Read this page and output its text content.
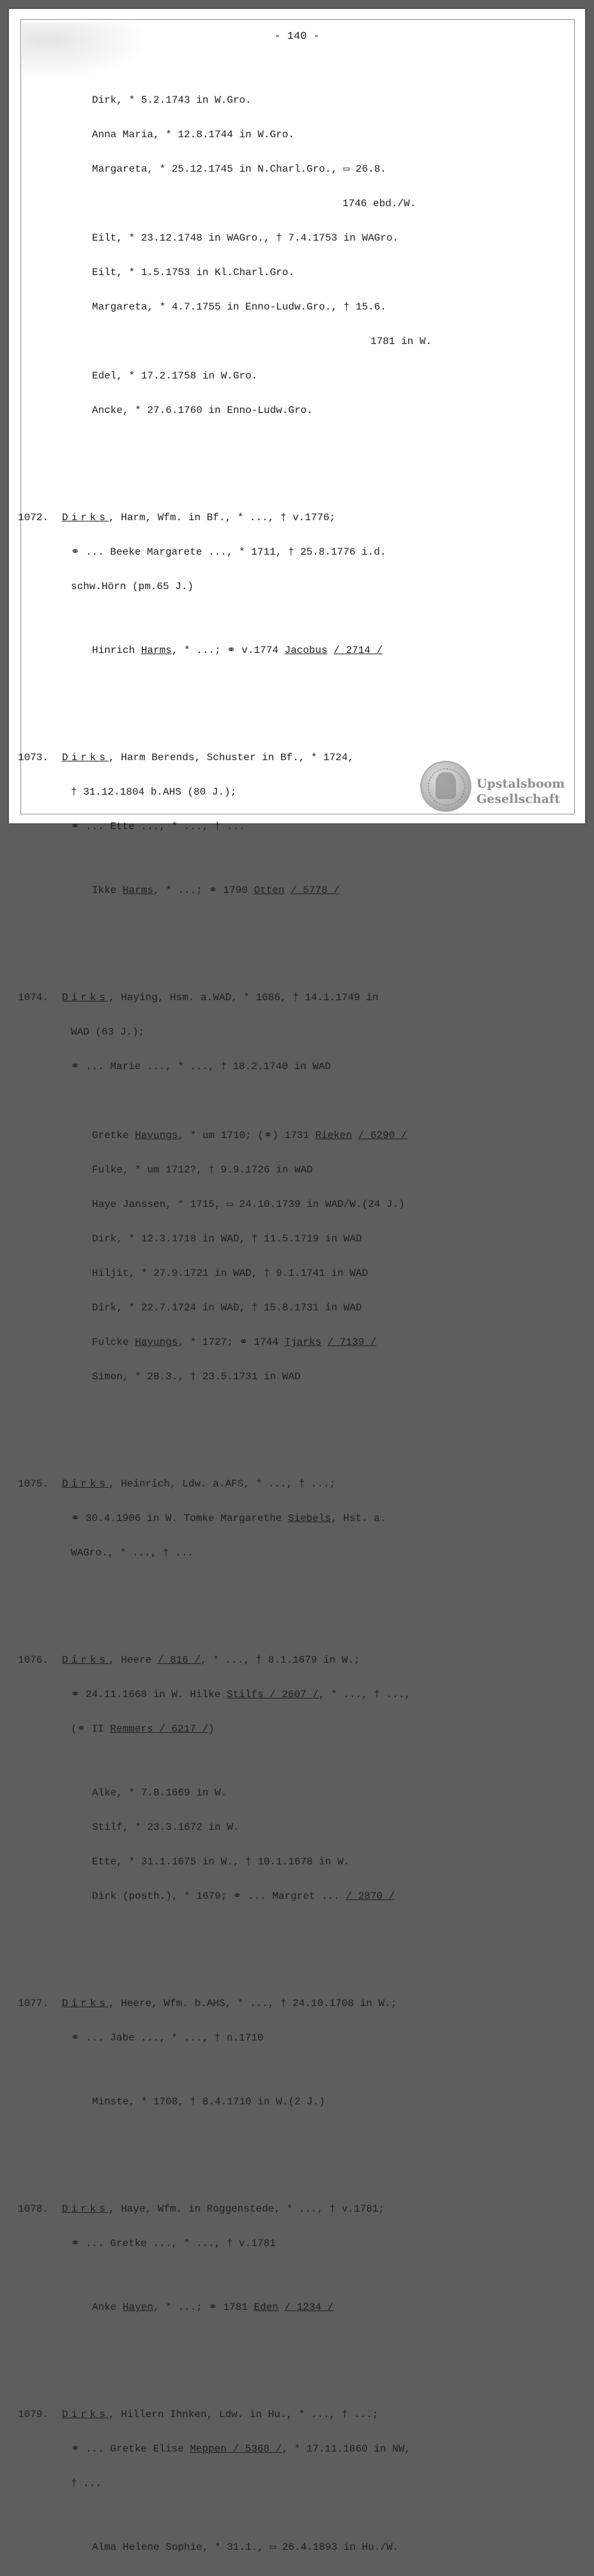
- 140 -

Dirk, * 5.2.1743 in W.Gro.

Anna Maria, * 12.8.1744 in W.Gro.

Margareta, * 25.12.1745 in N.Charl.Gro., ▭ 26.8.

1746 ebd./W.

Eilt, * 23.12.1748 in WAGro., † 7.4.1753 in WAGro.

Eilt, * 1.5.1753 in Kl.Charl.Gro.

Margareta, * 4.7.1755 in Enno-Ludw.Gro., † 15.6.

1781 in W.

Edel, * 17.2.1758 in W.Gro.

Ancke, * 27.6.1760 in Enno-Ludw.Gro.

1072. Dirks, Harm, Wfm. in Bf., * ..., † v.1776;

⚭ ... Beeke Margarete ..., * 1711, † 25.8.1776 i.d.

schw.Hörn (pm.65 J.)

Hinrich Harms, * ...; ⚭ v.1774 Jacobus / 2714 /

1073. Dirks, Harm Berends, Schuster in Bf., * 1724,

† 31.12.1804 b.AHS (80 J.);

⚭ ... Ette ..., * ..., † ...

Ikke Harms, * ...; ⚭ 1790 Otten / 5778 /

1074. Dirks, Haying, Hsm. a.WAD, * 1686, † 14.1.1749 in

WAD (63 J.);

⚭ ... Marie ..., * ..., † 18.2.1740 in WAD

Gretke Hayungs, * um 1710; (⚭) 1731 Rieken / 6290 /

Fulke, * um 1712?, † 9.9.1726 in WAD

Haye Janssen, * 1715, ▭ 24.10.1739 in WAD/W.(24 J.)

Dirk, * 12.3.1718 in WAD, † 11.5.1719 in WAD

Hiljit, * 27.9.1721 in WAD, † 9.1.1741 in WAD

Dirk, * 22.7.1724 in WAD, † 15.8.1731 in WAD

Fulcke Hayungs, * 1727; ⚭ 1744 Tjarks / 7139 /

Simon, * 28.3., † 23.5.1731 in WAD

1075. Dirks, Heinrich, Ldw. a.AFS, * ..., † ...;

⚭ 30.4.1906 in W. Tomke Margarethe Siebels, Hst. a.

WAGro., * ..., † ...

1076. Dirks, Heere / 816 /, * ..., † 8.1.1679 in W.;

⚭ 24.11.1668 in W. Hilke Stilfs / 2607 /, * ..., † ...,

(⚭ II Remmers / 6217 /)

Alke, * 7.8.1669 in W.

Stilf, * 23.3.1672 in W.

Ette, * 31.1.1675 in W., † 10.1.1678 in W.

Dirk (posth.), * 1679; ⚭ ... Margret ... / 2870 /

1077. Dirks, Heere, Wfm. b.AHS, * ..., † 24.10.1708 in W.;

⚭ ... Jabe ..., * ..., † n.1710

Minste, * 1708, † 8.4.1710 in W.(2 J.)

1078. Dirks, Haye, Wfm. in Roggenstede, * ..., † v.1781;

⚭ ... Gretke ..., * ..., † v.1781

Anke Hayen, * ...; ⚭ 1781 Eden / 1234 /

1079. Dirks, Hillern Ihnken, Ldw. in Hu., * ..., † ...;

⚭ ... Gretke Elise Meppen / 5368 /, * 17.11.1860 in NW,

† ...

Alma Helene Sophie, * 31.1., ▭ 26.4.1893 in Hu./W.

Upstalsboom
Gesellschaft
